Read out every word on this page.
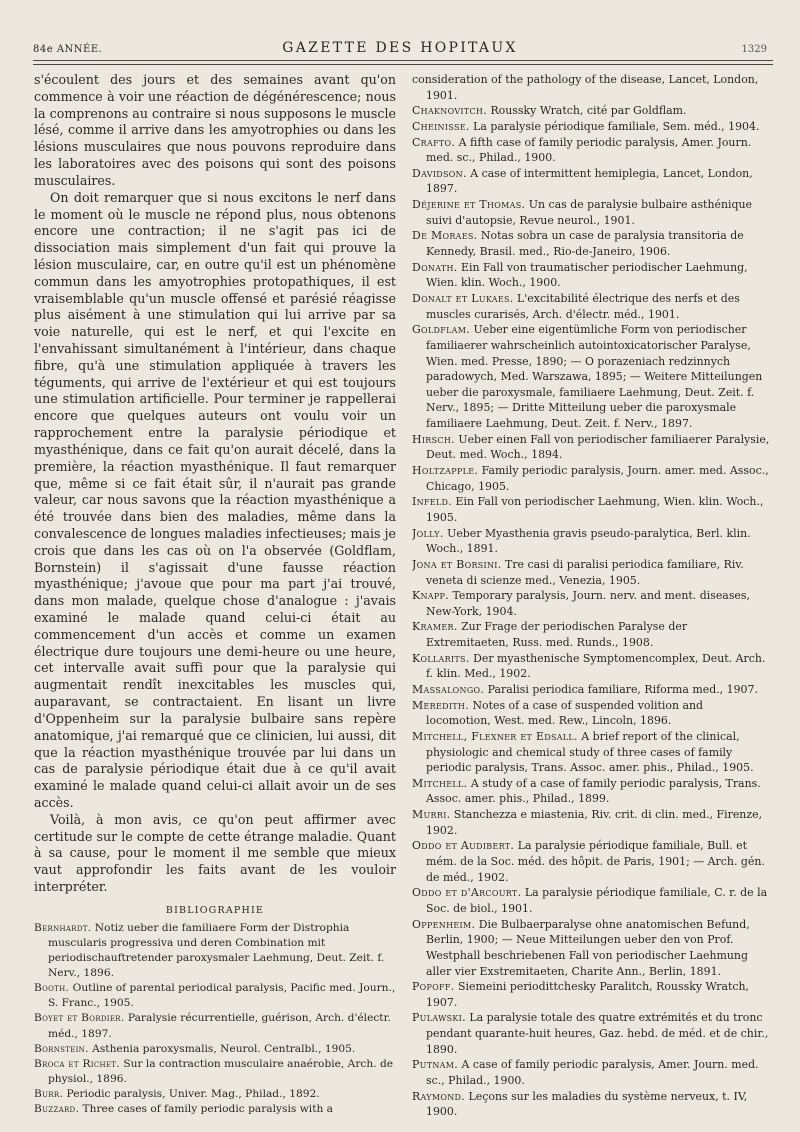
84e ANNÉE.	GAZETTE DES HOPITAUX	1329

s'écoulent des jours et des semaines avant qu'on commence à voir une réaction de dégénérescence; nous la comprenons au contraire si nous supposons le muscle lésé, comme il arrive dans les amyotrophies ou dans les lésions musculaires que nous pouvons reproduire dans les laboratoires avec des poisons qui sont des poisons musculaires.

On doit remarquer que si nous excitons le nerf dans le moment où le muscle ne répond plus, nous obtenons encore une contraction; il ne s'agit pas ici de dissociation mais simplement d'un fait qui prouve la lésion musculaire, car, en outre qu'il est un phénomène commun dans les amyotrophies protopathiques, il est vraisemblable qu'un muscle offensé et parésié réagisse plus aisément à une stimulation qui lui arrive par sa voie naturelle, qui est le nerf, et qui l'excite en l'envahissant simultanément à l'intérieur, dans chaque fibre, qu'à une stimulation appliquée à travers les téguments, qui arrive de l'extérieur et qui est toujours une stimulation artificielle. Pour terminer je rappellerai encore que quelques auteurs ont voulu voir un rapprochement entre la paralysie périodique et myasthénique, dans ce fait qu'on aurait décelé, dans la première, la réaction myasthénique. Il faut remarquer que, même si ce fait était sûr, il n'aurait pas grande valeur, car nous savons que la réaction myasthénique a été trouvée dans bien des maladies, même dans la convalescence de longues maladies infectieuses; mais je crois que dans les cas où on l'a observée (Goldflam, Bornstein) il s'agissait d'une fausse réaction myasthénique; j'avoue que pour ma part j'ai trouvé, dans mon malade, quelque chose d'analogue : j'avais examiné le malade quand celui-ci était au commencement d'un accès et comme un examen électrique dure toujours une demi-heure ou une heure, cet intervalle avait suffi pour que la paralysie qui augmentait rendît inexcitables les muscles qui, auparavant, se contractaient. En lisant un livre d'Oppenheim sur la paralysie bulbaire sans repère anatomique, j'ai remarqué que ce clinicien, lui aussi, dit que la réaction myasthénique trouvée par lui dans un cas de paralysie périodique était due à ce qu'il avait examiné le malade quand celui-ci allait avoir un de ses accès.

Voilà, à mon avis, ce qu'on peut affirmer avec certitude sur le compte de cette étrange maladie. Quant à sa cause, pour le moment il me semble que mieux vaut approfondir les faits avant de les vouloir interpréter.

BIBLIOGRAPHIE
Bernhardt. Notiz ueber die familiaere Form der Distrophia muscularis progressiva und deren Combination mit periodischauftretender paroxysmaler Laehmung, Deut. Zeit. f. Nerv., 1896.
Booth. Outline of parental periodical paralysis, Pacific med. Journ., S. Franc., 1905.
Boyet et Bordier. Paralysie récurrentielle, guérison, Arch. d'électr. méd., 1897.
Bornstein. Asthenia paroxysmalis, Neurol. Centralbl., 1905.
Broca et Richet. Sur la contraction musculaire anaérobie, Arch. de physiol., 1896.
Burr. Periodic paralysis, Univer. Mag., Philad., 1892.
Buzzard. Three cases of family periodic paralysis with a
consideration of the pathology of the disease, Lancet, London, 1901.
Chaknovitch. Roussky Wratch, cité par Goldflam.
Cheinisse. La paralysie périodique familiale, Sem. méd., 1904.
Crafto. A fifth case of family periodic paralysis, Amer. Journ. med. sc., Philad., 1900.
Davidson. A case of intermittent hemiplegia, Lancet, London, 1897.
Déjerine et Thomas. Un cas de paralysie bulbaire asthénique suivi d'autopsie, Revue neurol., 1901.
De Moraes. Notas sobra un case de paralysia transitoria de Kennedy, Brasil. med., Rio-de-Janeiro, 1906.
Donath. Ein Fall von traumatischer periodischer Laehmung, Wien. klin. Woch., 1900.
Donalt et Lukaes. L'excitabilité électrique des nerfs et des muscles curarisés, Arch. d'électr. méd., 1901.
Goldflam. Ueber eine eigentümliche Form von periodischer familiaerer wahrscheinlich autointoxicatorischer Paralyse, Wien. med. Presse, 1890; — O porazeniach redzinnych paradowych, Med. Warszawa, 1895; — Weitere Mitteilungen ueber die paroxysmale, familiaere Laehmung, Deut. Zeit. f. Nerv., 1895; — Dritte Mitteilung ueber die paroxysmale familiaere Laehmung, Deut. Zeit. f. Nerv., 1897.
Hirsch. Ueber einen Fall von periodischer familiaerer Paralysie, Deut. med. Woch., 1894.
Holtzapple. Family periodic paralysis, Journ. amer. med. Assoc., Chicago, 1905.
Infeld. Ein Fall von periodischer Laehmung, Wien. klin. Woch., 1905.
Jolly. Ueber Myasthenia gravis pseudo-paralytica, Berl. klin. Woch., 1891.
Jona et Borsini. Tre casi di paralisi periodica familiare, Riv. veneta di scienze med., Venezia, 1905.
Knapp. Temporary paralysis, Journ. nerv. and ment. diseases, New-York, 1904.
Kramer. Zur Frage der periodischen Paralyse der Extremitaeten, Russ. med. Runds., 1908.
Kollarits. Der myasthenische Symptomencomplex, Deut. Arch. f. klin. Med., 1902.
Massalongo. Paralisi periodica familiare, Riforma med., 1907.
Meredith. Notes of a case of suspended volition and locomotion, West. med. Rew., Lincoln, 1896.
Mitchell, Flexner et Edsall. A brief report of the clinical, physiologic and chemical study of three cases of family periodic paralysis, Trans. Assoc. amer. phis., Philad., 1905.
Mitchell. A study of a case of family periodic paralysis, Trans. Assoc. amer. phis., Philad., 1899.
Murri. Stanchezza e miastenia, Riv. crit. di clin. med., Firenze, 1902.
Oddo et Audibert. La paralysie périodique familiale, Bull. et mém. de la Soc. méd. des hôpit. de Paris, 1901; — Arch. gén. de méd., 1902.
Oddo et d'Arcourt. La paralysie périodique familiale, C. r. de la Soc. de biol., 1901.
Oppenheim. Die Bulbaerparalyse ohne anatomischen Befund, Berlin, 1900; — Neue Mitteilungen ueber den von Prof. Westphall beschriebenen Fall von periodischer Laehmung aller vier Exstremitaeten, Charite Ann., Berlin, 1891.
Popoff. Siemeini periodittchesky Paralitch, Roussky Wratch, 1907.
Pulawski. La paralysie totale des quatre extrémités et du tronc pendant quarante-huit heures, Gaz. hebd. de méd. et de chir., 1890.
Putnam. A case of family periodic paralysis, Amer. Journ. med. sc., Philad., 1900.
Raymond. Leçons sur les maladies du système nerveux, t. IV, 1900.
